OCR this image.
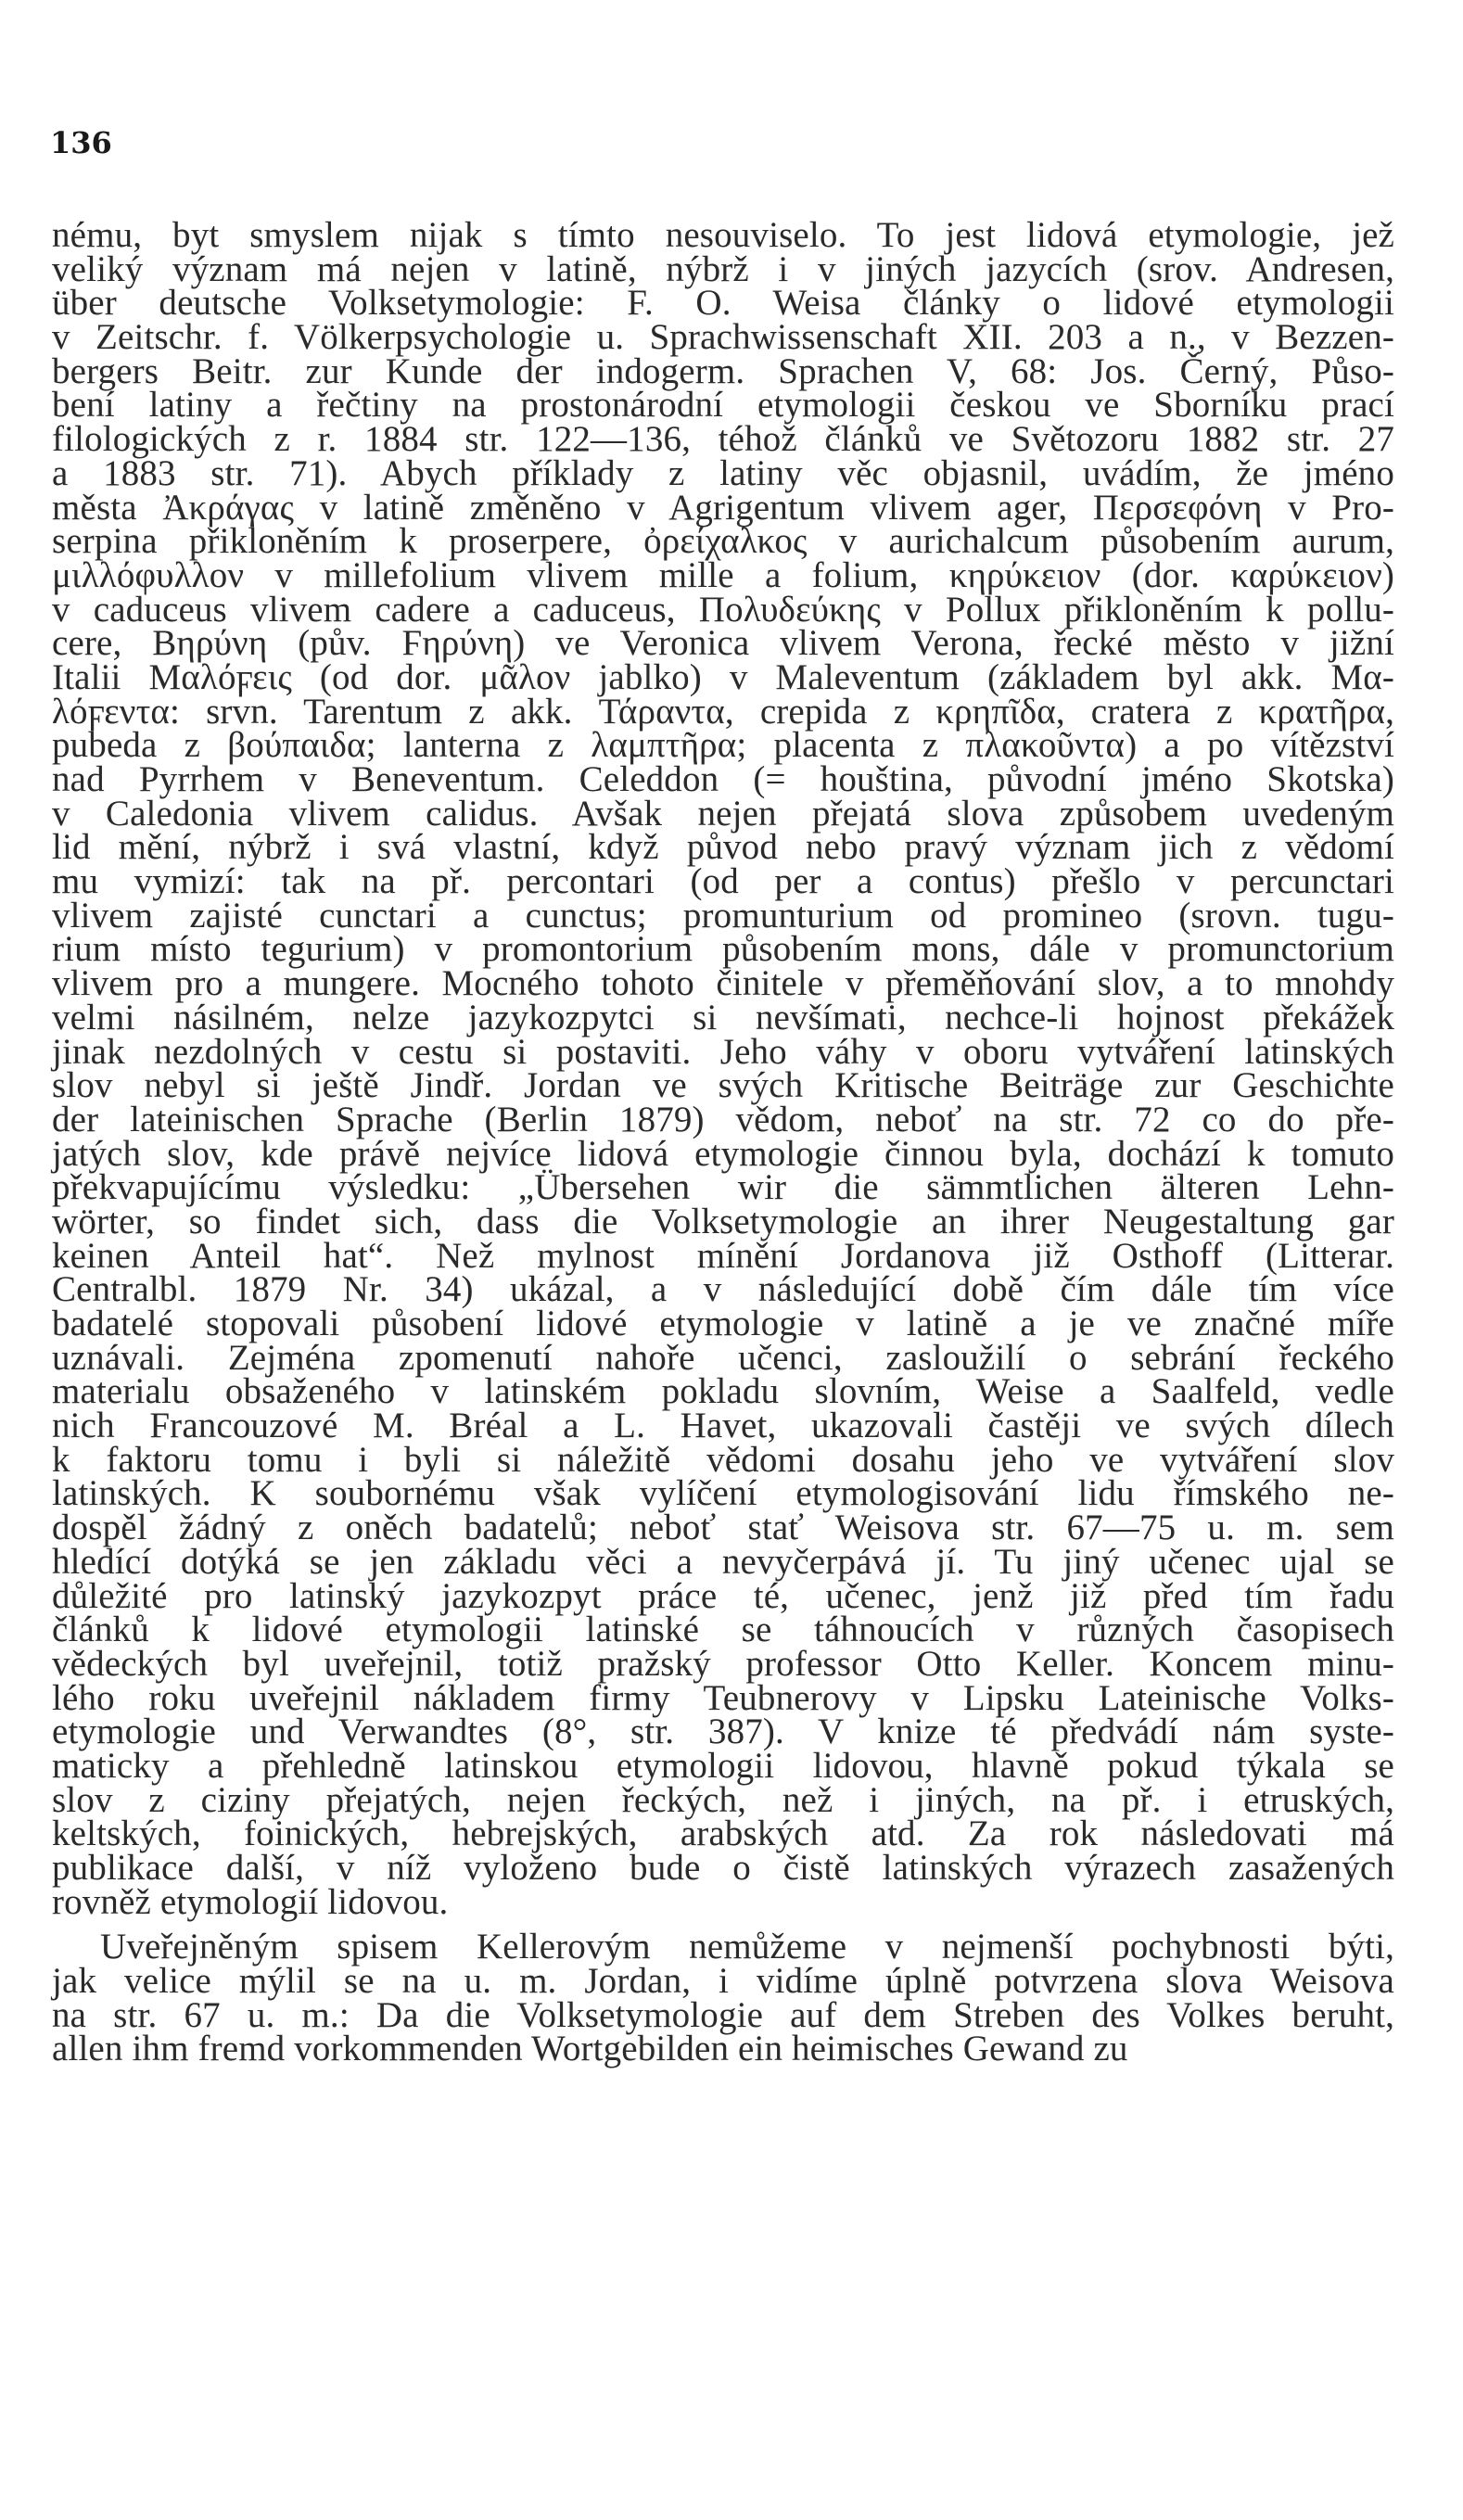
136
nému, byt smyslem nijak s tímto nesouviselo. To jest lidová etymologie, jež
veliký význam má nejen v latině, nýbrž i v jiných jazycích (srov. Andresen,
über deutsche Volksetymologie: F. O. Weisa články o lidové etymologii
v Zeitschr. f. Völkerpsychologie u. Sprachwissenschaft XII. 203 a n., v Bezzen-
bergers Beitr. zur Kunde der indogerm. Sprachen V, 68: Jos. Černý, Půso-
bení latiny a řečtiny na prostonárodní etymologii českou ve Sborníku prací
filologických z r. 1884 str. 122—136, téhož článků ve Světozoru 1882 str. 27
a 1883 str. 71). Abych příklady z latiny věc objasnil, uvádím, že jméno
města Ἀκράγας v latině změněno v Agrigentum vlivem ager, Περσεφόνη v Pro-
serpina přikloněním k proserpere, ὀρείχαλκος v aurichalcum působením aurum,
μιλλόφυλλον v millefolium vlivem mille a folium, κηρύκειον (dor. καρύκειον)
v caduceus vlivem cadere a caduceus, Πολυδεύκης v Pollux přikloněním k pollu-
cere, Βηρύνη (pův. Ϝηρύνη) ve Veronica vlivem Verona, řecké město v jižní
Italii Μαλόϝεις (od dor. μᾶλον jablko) v Maleventum (základem byl akk. Μα-
λόϝεντα: srvn. Tarentum z akk. Τάραντα, crepida z κρηπῖδα, cratera z κρατῆρα,
pubeda z βούπαιδα; lanterna z λαμπτῆρα; placenta z πλακοῦντα) a po vítězství
nad Pyrrhem v Beneventum. Celeddon (= houština, původní jméno Skotska)
v Caledonia vlivem calidus. Avšak nejen přejatá slova způsobem uvedeným
lid mění, nýbrž i svá vlastní, když původ nebo pravý význam jich z vědomí
mu vymizí: tak na př. percontari (od per a contus) přešlo v percunctari
vlivem zajisté cunctari a cunctus; promunturium od promineo (srovn. tugu-
rium místo tegurium) v promontorium působením mons, dále v promunctorium
vlivem pro a mungere. Mocného tohoto činitele v přeměňování slov, a to mnohdy
velmi násilném, nelze jazykozpytci si nevšímati, nechce-li hojnost překážek
jinak nezdolných v cestu si postaviti. Jeho váhy v oboru vytváření latinských
slov nebyl si ještě Jindř. Jordan ve svých Kritische Beiträge zur Geschichte
der lateinischen Sprache (Berlin 1879) vědom, neboť na str. 72 co do pře-
jatých slov, kde právě nejvíce lidová etymologie činnou byla, dochází k tomuto
překvapujícímu výsledku: „Übersehen wir die sämmtlichen älteren Lehn-
wörter, so findet sich, dass die Volksetymologie an ihrer Neugestaltung gar
keinen Anteil hat“. Než mylnost mínění Jordanova již Osthoff (Litterar.
Centralbl. 1879 Nr. 34) ukázal, a v následující době čím dále tím více
badatelé stopovali působení lidové etymologie v latině a je ve značné míře
uznávali. Zejména zpomenutí nahoře učenci, zasloužilí o sebrání řeckého
materialu obsaženého v latinském pokladu slovním, Weise a Saalfeld, vedle
nich Francouzové M. Bréal a L. Havet, ukazovali častěji ve svých dílech
k faktoru tomu i byli si náležitě vědomi dosahu jeho ve vytváření slov
latinských. K soubornému však vylíčení etymologisování lidu římského ne-
dospěl žádný z oněch badatelů; neboť stať Weisova str. 67—75 u. m. sem
hledící dotýká se jen základu věci a nevyčerpává jí. Tu jiný učenec ujal se
důležité pro latinský jazykozpyt práce té, učenec, jenž již před tím řadu
článků k lidové etymologii latinské se táhnoucích v různých časopisech
vědeckých byl uveřejnil, totiž pražský professor Otto Keller. Koncem minu-
lého roku uveřejnil nákladem firmy Teubnerovy v Lipsku Lateinische Volks-
etymologie und Verwandtes (8°, str. 387). V knize té předvádí nám syste-
maticky a přehledně latinskou etymologii lidovou, hlavně pokud týkala se
slov z ciziny přejatých, nejen řeckých, než i jiných, na př. i etruských,
keltských, foinických, hebrejských, arabských atd. Za rok následovati má
publikace další, v níž vyloženo bude o čistě latinských výrazech zasažených
rovněž etymologií lidovou.
Uveřejněným spisem Kellerovým nemůžeme v nejmenší pochybnosti býti,
jak velice mýlil se na u. m. Jordan, i vidíme úplně potvrzena slova Weisova
na str. 67 u. m.: Da die Volksetymologie auf dem Streben des Volkes beruht,
allen ihm fremd vorkommenden Wortgebilden ein heimisches Gewand zu
